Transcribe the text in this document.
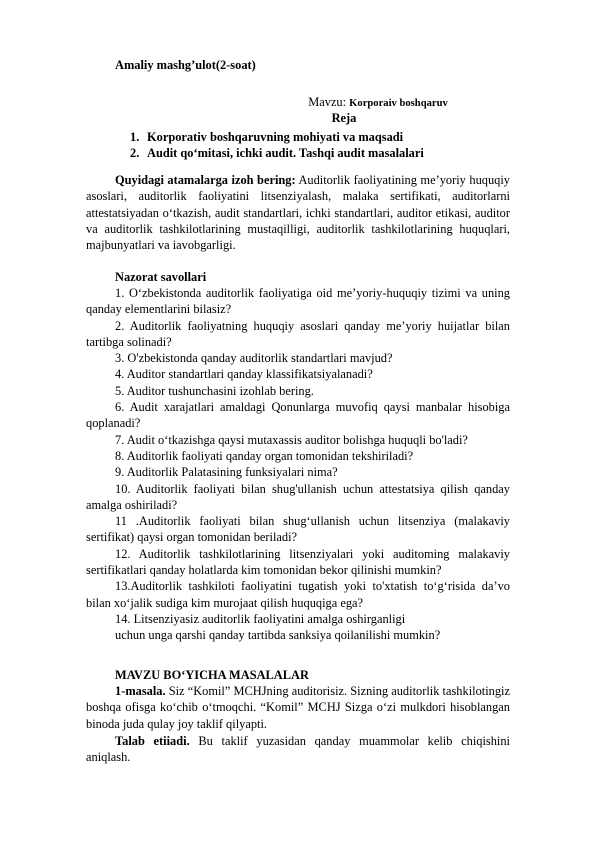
Amaliy mashg’ulot(2-soat)
Mavzu: Korporaiv boshqaruv
Reja
1. Korporativ boshqaruvning mohiyati va maqsadi
2. Audit qo‘mitasi, ichki audit. Tashqi audit masalalari

Quyidagi atamalarga izoh bering: Auditorlik faoliyatining me’yoriy huquqiy asoslari, auditorlik faoliyatini litsenziyalash, malaka sertifikati, auditorlarni attestatsiyadan o‘tkazish, audit standartlari, ichki standartlari, auditor etikasi, auditor va auditorlik tashkilotlarining mustaqilligi, auditorlik tashkilotlarining huquqlari, majbunyatlari va iavobgarligi.

Nazorat savollari

1. O‘zbekistonda auditorlik faoliyatiga oid me’yoriy-huquqiy tizimi va uning qanday elementlarini bilasiz?

2. Auditorlik faoliyatning huquqiy asoslari qanday me’yoriy huijatlar bilan tartibga solinadi?

3. O'zbekistonda qanday auditorlik standartlari mavjud?

4. Auditor standartlari qanday klassifikatsiyalanadi?

5. Auditor tushunchasini izohlab bering.

6. Audit xarajatlari amaldagi Qonunlarga muvofiq qaysi manbalar hisobiga qoplanadi?

7. Audit o‘tkazishga qaysi mutaxassis auditor bolishga huquqli bo'ladi?

8. Auditorlik faoliyati qanday organ tomonidan tekshiriladi?

9. Auditorlik Palatasining funksiyalari nima?

10. Auditorlik faoliyati bilan shug'ullanish uchun attestatsiya qilish qanday amalga oshiriladi?

11 .Auditorlik faoliyati bilan shug‘ullanish uchun litsenziya (malakaviy sertifikat) qaysi organ tomonidan beriladi?

12. Auditorlik tashkilotlarining litsenziyalari yoki auditoming malakaviy sertifikatlari qanday holatlarda kim tomonidan bekor qilinishi mumkin?

13.Auditorlik tashkiloti faoliyatini tugatish yoki to'xtatish to‘g‘risida da’vo bilan xo‘jalik sudiga kim murojaat qilish huquqiga ega?

14. Litsenziyasiz auditorlik faoliyatini amalga oshirganligi

uchun unga qarshi qanday tartibda sanksiya qoilanilishi mumkin?

MAVZU BO‘YICHA MASALALAR

1-masala. Siz “Komil” MCHJning auditorisiz. Sizning auditorlik tashkilotingiz boshqa ofisga ko‘chib o‘tmoqchi. “Komil” MCHJ Sizga o‘zi mulkdori hisoblangan binoda juda qulay joy taklif qilyapti.

Talab etiiadi. Bu taklif yuzasidan qanday muammolar kelib chiqishini aniqlash.
